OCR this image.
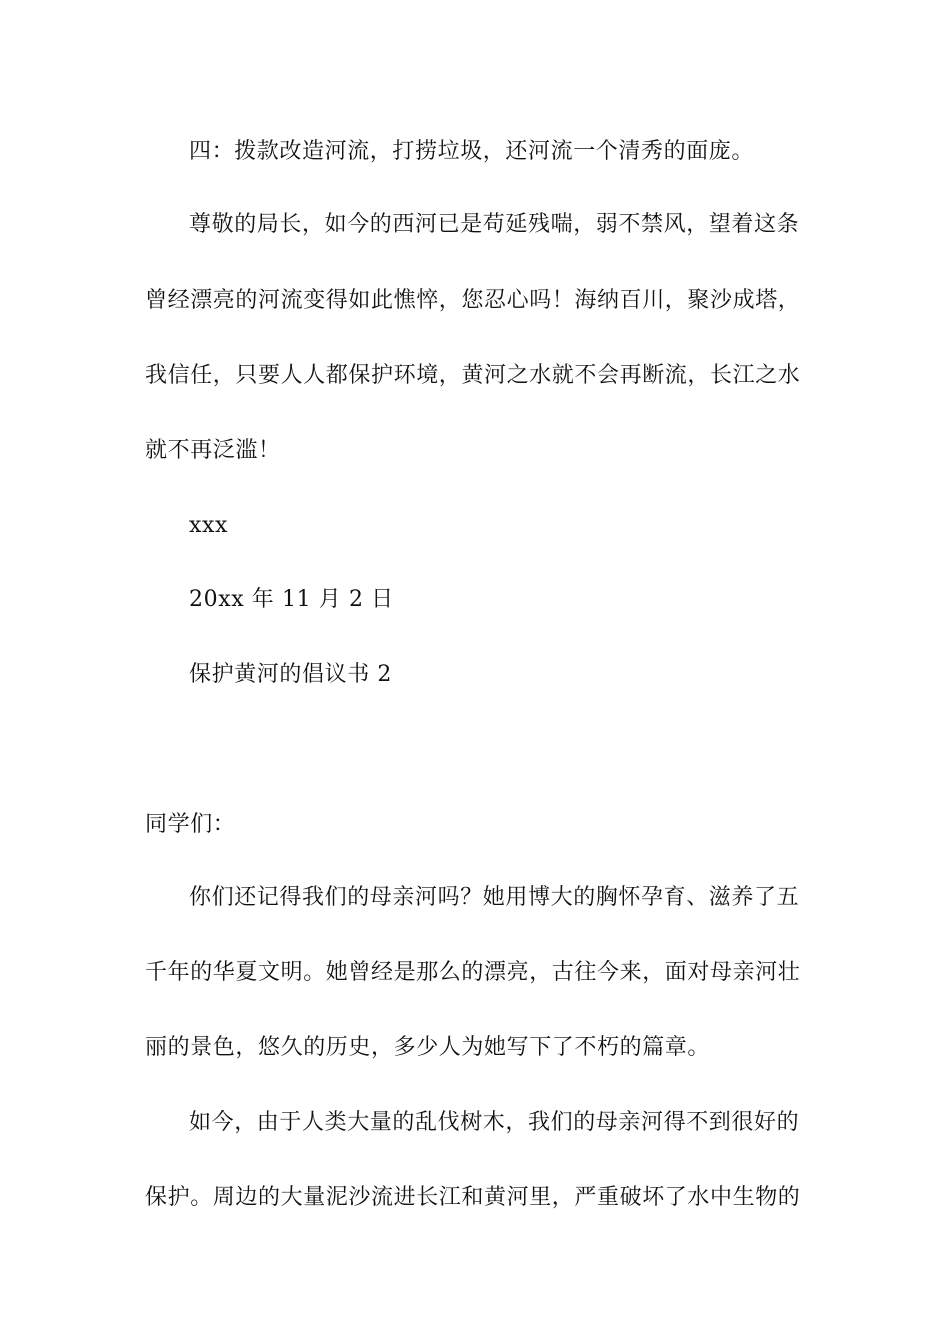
四：拨款改造河流，打捞垃圾，还河流一个清秀的面庞。
尊敬的局长，如今的西河已是苟延残喘，弱不禁风，望着这条
曾经漂亮的河流变得如此憔悴，您忍心吗！海纳百川，聚沙成塔，
我信任，只要人人都保护环境，黄河之水就不会再断流，长江之水
就不再泛滥！
xxx
20xx 年 11 月 2 日
保护黄河的倡议书 2
同学们：
你们还记得我们的母亲河吗？她用博大的胸怀孕育、滋养了五
千年的华夏文明。她曾经是那么的漂亮，古往今来，面对母亲河壮
丽的景色，悠久的历史，多少人为她写下了不朽的篇章。
如今，由于人类大量的乱伐树木，我们的母亲河得不到很好的
保护。周边的大量泥沙流进长江和黄河里，严重破坏了水中生物的
